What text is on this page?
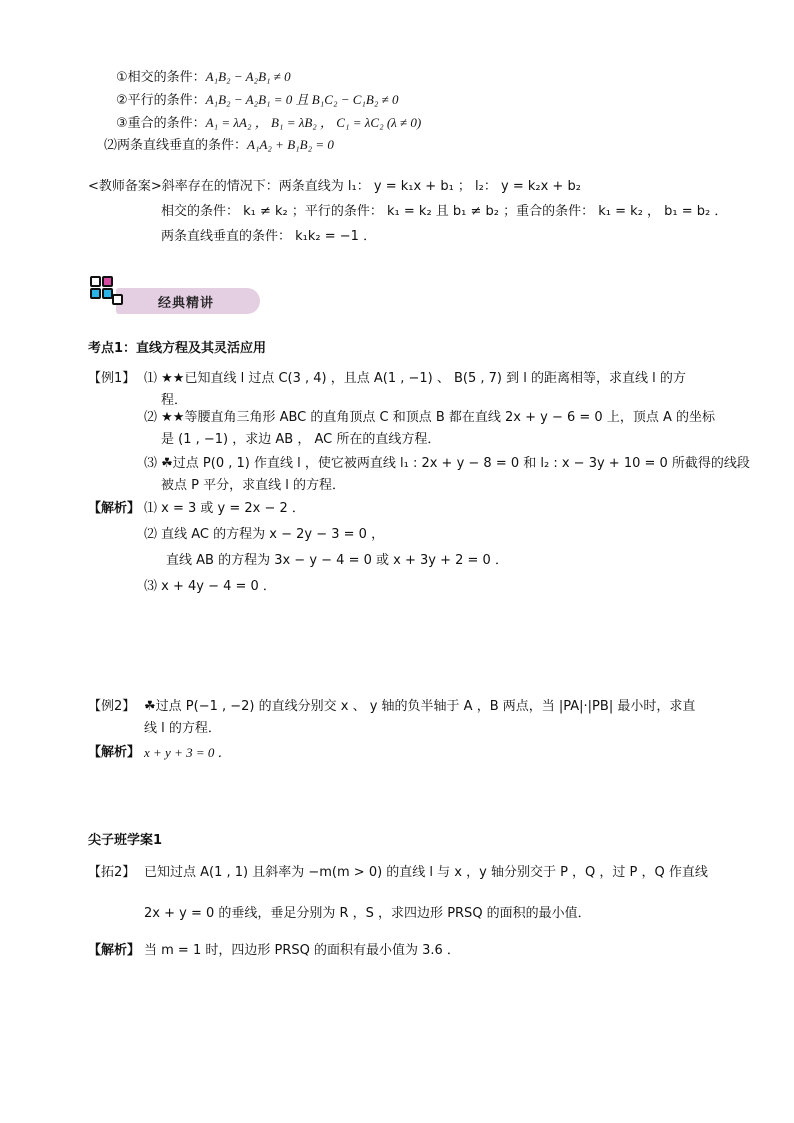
①相交的条件：A₁B₂ − A₂B₁ ≠ 0
②平行的条件：A₁B₂ − A₂B₁ = 0 且 B₁C₂ − C₁B₂ ≠ 0
③重合的条件：A₁ = λA₂ ， B₁ = λB₂ ， C₁ = λC₂ (λ ≠ 0)
⑵两条直线垂直的条件：A₁A₂ + B₁B₂ = 0
<教师备案>斜率存在的情况下：两条直线为 l₁： y = k₁x + b₁ ； l₂： y = k₂x + b₂
相交的条件： k₁ ≠ k₂ ；平行的条件： k₁ = k₂ 且 b₁ ≠ b₂ ；重合的条件： k₁ = k₂ ， b₁ = b₂ ．
两条直线垂直的条件： k₁k₂ = −1 ．
经典精讲
考点1：直线方程及其灵活应用
【例1】 ⑴ ★★已知直线 l 过点 C(3 , 4) ，且点 A(1 , −1) 、 B(5 , 7) 到 l 的距离相等，求直线 l 的方
程．
⑵ ★★等腰直角三角形 ABC 的直角顶点 C 和顶点 B 都在直线 2x + y − 6 = 0 上，顶点 A 的坐标
是 (1 , −1) ，求边 AB ， AC 所在的直线方程．
⑶ ☘过点 P(0 , 1) 作直线 l ，使它被两直线 l₁ : 2x + y − 8 = 0 和 l₂ : x − 3y + 10 = 0 所截得的线段
被点 P 平分，求直线 l 的方程．
【解析】 ⑴ x = 3 或 y = 2x − 2 ．
⑵ 直线 AC 的方程为 x − 2y − 3 = 0 ，
直线 AB 的方程为 3x − y − 4 = 0 或 x + 3y + 2 = 0 ．
⑶ x + 4y − 4 = 0 ．
【例2】 ☘过点 P(−1 , −2) 的直线分别交 x 、 y 轴的负半轴于 A ，B 两点，当 |PA|·|PB| 最小时，求直
线 l 的方程．
【解析】 x + y + 3 = 0 ．
尖子班学案1
【拓2】 已知过点 A(1 , 1) 且斜率为 −m(m > 0) 的直线 l 与 x ，y 轴分别交于 P ，Q ，过 P ，Q 作直线
2x + y = 0 的垂线，垂足分别为 R ，S ，求四边形 PRSQ 的面积的最小值．
【解析】 当 m = 1 时，四边形 PRSQ 的面积有最小值为 3.6 ．
